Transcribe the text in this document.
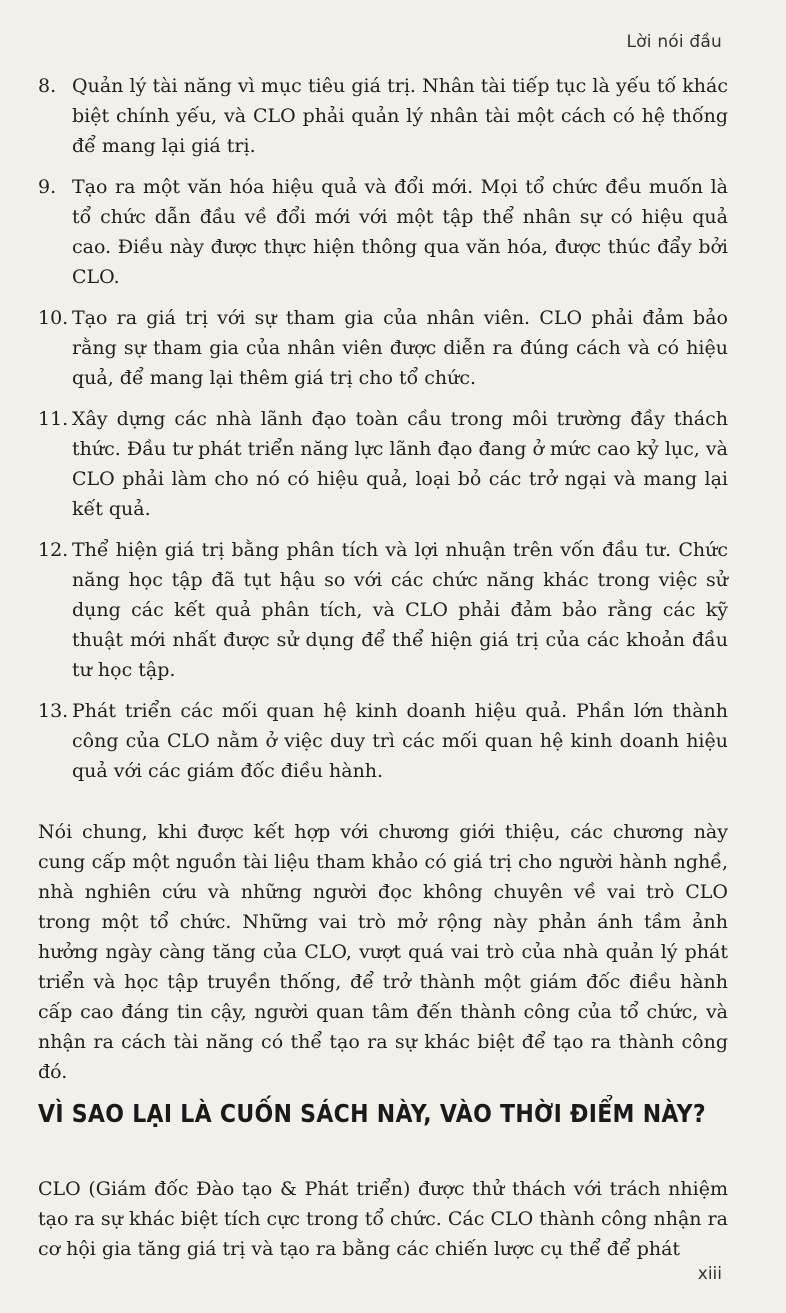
Lời nói đầu
8. Quản lý tài năng vì mục tiêu giá trị. Nhân tài tiếp tục là yếu tố khác biệt chính yếu, và CLO phải quản lý nhân tài một cách có hệ thống để mang lại giá trị.
9. Tạo ra một văn hóa hiệu quả và đổi mới. Mọi tổ chức đều muốn là tổ chức dẫn đầu về đổi mới với một tập thể nhân sự có hiệu quả cao. Điều này được thực hiện thông qua văn hóa, được thúc đẩy bởi CLO.
10. Tạo ra giá trị với sự tham gia của nhân viên. CLO phải đảm bảo rằng sự tham gia của nhân viên được diễn ra đúng cách và có hiệu quả, để mang lại thêm giá trị cho tổ chức.
11. Xây dựng các nhà lãnh đạo toàn cầu trong môi trường đầy thách thức. Đầu tư phát triển năng lực lãnh đạo đang ở mức cao kỷ lục, và CLO phải làm cho nó có hiệu quả, loại bỏ các trở ngại và mang lại kết quả.
12. Thể hiện giá trị bằng phân tích và lợi nhuận trên vốn đầu tư. Chức năng học tập đã tụt hậu so với các chức năng khác trong việc sử dụng các kết quả phân tích, và CLO phải đảm bảo rằng các kỹ thuật mới nhất được sử dụng để thể hiện giá trị của các khoản đầu tư học tập.
13. Phát triển các mối quan hệ kinh doanh hiệu quả. Phần lớn thành công của CLO nằm ở việc duy trì các mối quan hệ kinh doanh hiệu quả với các giám đốc điều hành.

Nói chung, khi được kết hợp với chương giới thiệu, các chương này cung cấp một nguồn tài liệu tham khảo có giá trị cho người hành nghề, nhà nghiên cứu và những người đọc không chuyên về vai trò CLO trong một tổ chức. Những vai trò mở rộng này phản ánh tầm ảnh hưởng ngày càng tăng của CLO, vượt quá vai trò của nhà quản lý phát triển và học tập truyền thống, để trở thành một giám đốc điều hành cấp cao đáng tin cậy, người quan tâm đến thành công của tổ chức, và nhận ra cách tài năng có thể tạo ra sự khác biệt để tạo ra thành công đó.

VÌ SAO LẠI LÀ CUỐN SÁCH NÀY, VÀO THỜI ĐIỂM NÀY?

CLO (Giám đốc Đào tạo & Phát triển) được thử thách với trách nhiệm tạo ra sự khác biệt tích cực trong tổ chức. Các CLO thành công nhận ra cơ hội gia tăng giá trị và tạo ra bằng các chiến lược cụ thể để phát

xiii
